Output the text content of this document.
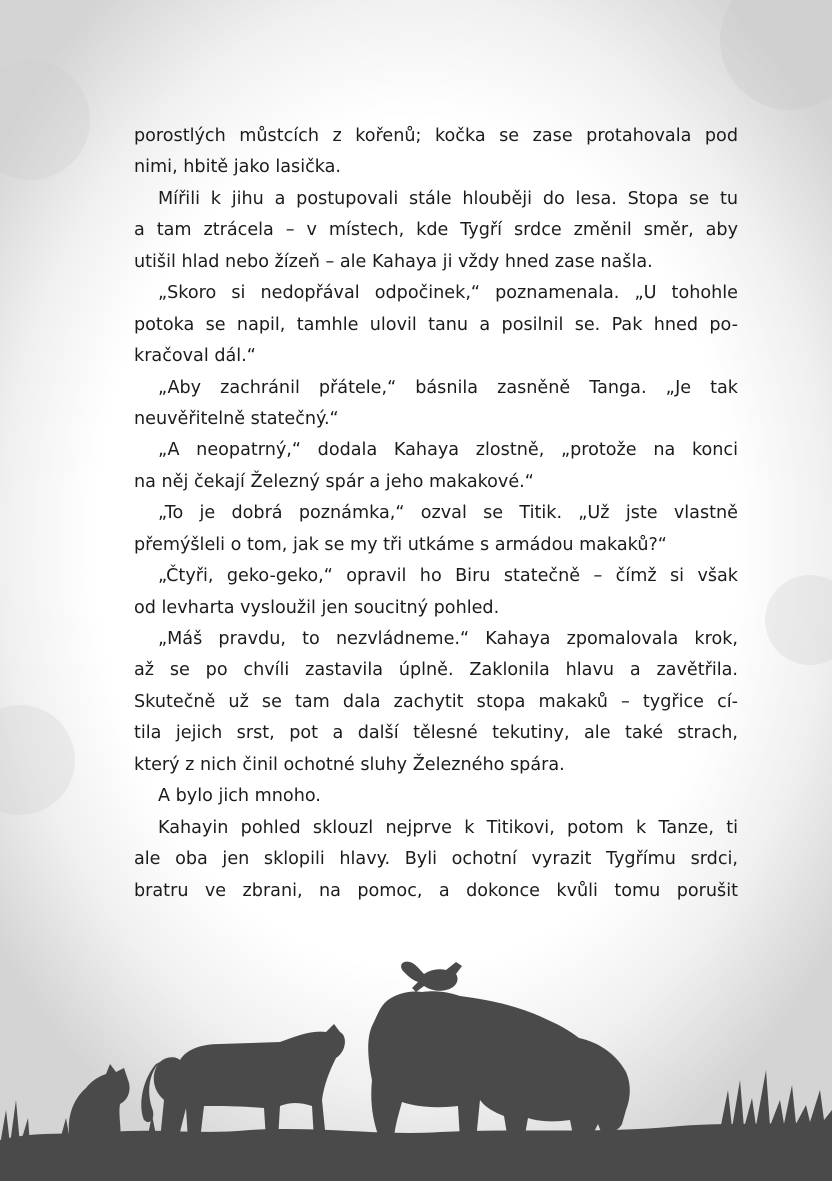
porostlých můstcích z kořenů; kočka se zase protahovala pod
nimi, hbitě jako lasička.
Mířili k jihu a postupovali stále hlouběji do lesa. Stopa se tu
a tam ztrácela – v místech, kde Tygří srdce změnil směr, aby
utišil hlad nebo žízeň – ale Kahaya ji vždy hned zase našla.
„Skoro si nedopřával odpočinek,“ poznamenala. „U tohohle
potoka se napil, tamhle ulovil tanu a posilnil se. Pak hned po-
kračoval dál.“
„Aby zachránil přátele,“ básnila zasněně Tanga. „Je tak
neuvěřitelně statečný.“
„A neopatrný,“ dodala Kahaya zlostně, „protože na konci
na něj čekají Železný spár a jeho makakové.“
„To je dobrá poznámka,“ ozval se Titik. „Už jste vlastně
přemýšleli o tom, jak se my tři utkáme s armádou makaků?“
„Čtyři, geko-geko,“ opravil ho Biru statečně – čímž si však
od levharta vysloužil jen soucitný pohled.
„Máš pravdu, to nezvládneme.“ Kahaya zpomalovala krok,
až se po chvíli zastavila úplně. Zaklonila hlavu a zavětřila.
Skutečně už se tam dala zachytit stopa makaků – tygřice cí-
tila jejich srst, pot a další tělesné tekutiny, ale také strach,
který z nich činil ochotné sluhy Železného spára.
A bylo jich mnoho.
Kahayin pohled sklouzl nejprve k Titikovi, potom k Tanze, ti
ale oba jen sklopili hlavy. Byli ochotní vyrazit Tygřímu srdci,
bratru ve zbrani, na pomoc, a dokonce kvůli tomu porušit
